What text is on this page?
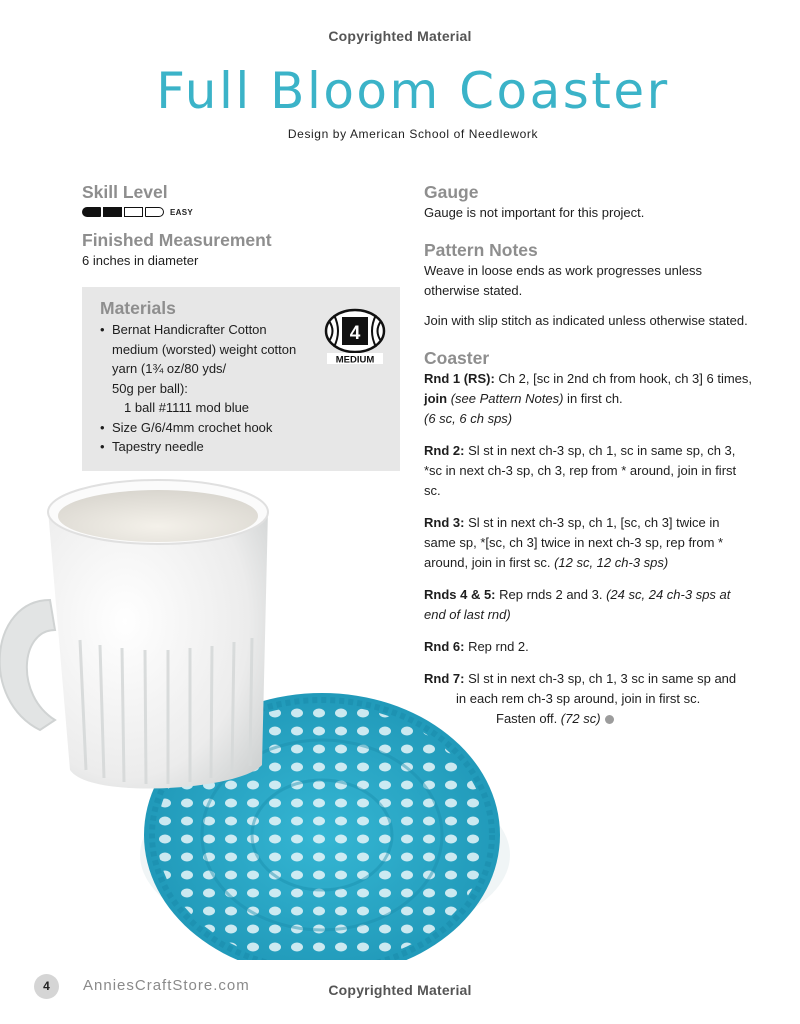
Copyrighted Material
Full Bloom Coaster
Design by American School of Needlework
Skill Level
EASY
Finished Measurement
6 inches in diameter
Materials
• Bernat Handicrafter Cotton medium (worsted) weight cotton yarn (1¾ oz/80 yds/
50g per ball):
1 ball #1111 mod blue
• Size G/6/4mm crochet hook
• Tapestry needle
4
MEDIUM
Gauge
Gauge is not important for this project.
Pattern Notes
Weave in loose ends as work progresses unless otherwise stated.
Join with slip stitch as indicated unless otherwise stated.
Coaster
Rnd 1 (RS): Ch 2, [sc in 2nd ch from hook, ch 3] 6 times, join (see Pattern Notes) in first ch.
(6 sc, 6 ch sps)
Rnd 2: Sl st in next ch-3 sp, ch 1, sc in same sp, ch 3, *sc in next ch-3 sp, ch 3, rep from * around, join in first sc.
Rnd 3: Sl st in next ch-3 sp, ch 1, [sc, ch 3] twice in same sp, *[sc, ch 3] twice in next ch-3 sp, rep from * around, join in first sc. (12 sc, 12 ch-3 sps)
Rnds 4 & 5: Rep rnds 2 and 3. (24 sc, 24 ch-3 sps at end of last rnd)
Rnd 6: Rep rnd 2.
Rnd 7: Sl st in next ch-3 sp, ch 1, 3 sc in same sp and
in each rem ch-3 sp around, join in first sc.
Fasten off. (72 sc)
4	AnniesCraftStore.com	Copyrighted Material
